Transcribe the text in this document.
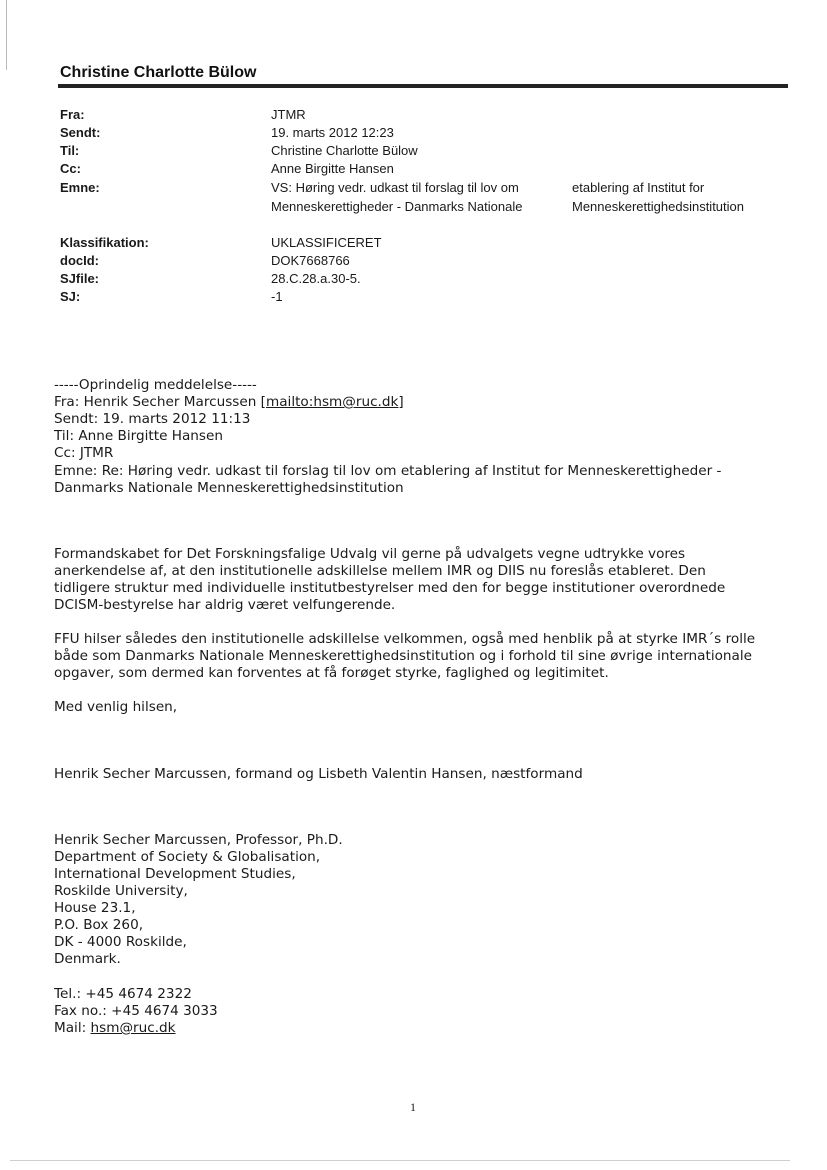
Christine Charlotte Bülow
Fra:	JTMR
Sendt:	19. marts 2012 12:23
Til:	Christine Charlotte Bülow
Cc:	Anne Birgitte Hansen
Emne:	VS: Høring vedr. udkast til forslag til lov om	etablering af Institut for
Menneskerettigheder - Danmarks Nationale	Menneskerettighedsinstitution
Klassifikation:	UKLASSIFICERET
docId:	DOK7668766
SJfile:	28.C.28.a.30-5.
SJ:	-1
-----Oprindelig meddelelse-----
Fra: Henrik Secher Marcussen [mailto:hsm@ruc.dk]
Sendt: 19. marts 2012 11:13
Til: Anne Birgitte Hansen
Cc: JTMR
Emne: Re: Høring vedr. udkast til forslag til lov om etablering af Institut for Menneskerettigheder -
Danmarks Nationale Menneskerettighedsinstitution
Formandskabet for Det Forskningsfalige Udvalg vil gerne på udvalgets vegne udtrykke vores
anerkendelse af, at den institutionelle adskillelse mellem IMR og DIIS nu foreslås etableret. Den
tidligere struktur med individuelle institutbestyrelser med den for begge institutioner overordnede
DCISM-bestyrelse har aldrig været velfungerende.
FFU hilser således den institutionelle adskillelse velkommen, også med henblik på at styrke IMR´s rolle
både som Danmarks Nationale Menneskerettighedsinstitution og i forhold til sine øvrige internationale
opgaver, som dermed kan forventes at få forøget styrke, faglighed og legitimitet.
Med venlig hilsen,
Henrik Secher Marcussen, formand og Lisbeth Valentin Hansen, næstformand
Henrik Secher Marcussen, Professor, Ph.D.
Department of Society & Globalisation,
International Development Studies,
Roskilde University,
House 23.1,
P.O. Box 260,
DK - 4000 Roskilde,
Denmark.
Tel.: +45 4674 2322
Fax no.: +45 4674 3033
Mail: hsm@ruc.dk
1
